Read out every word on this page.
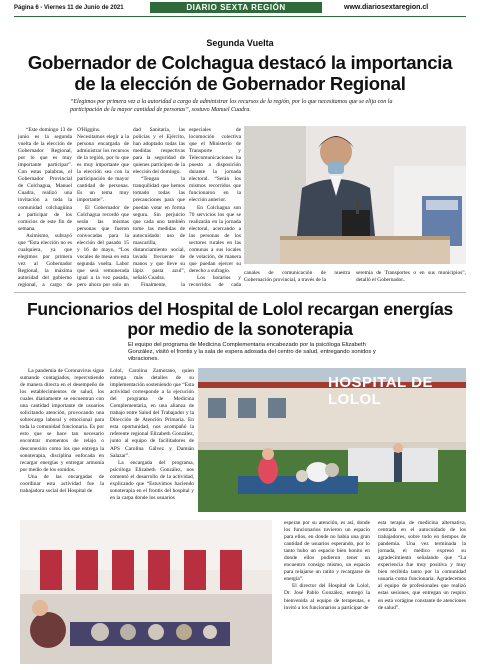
Página 6 - Viernes 11 de Junio de 2021	DIARIO SEXTA REGIÓN	www.diariosextaregion.cl
Segunda Vuelta
Gobernador de Colchagua destacó la importancia
de la elección de Gobernador Regional
“Elegimos por primera vez a la autoridad a cargo de administrar los recursos de la región, por lo que necesitamos que se elija con la participación de la mayor cantidad de personas”, sostuvo Manuel Cuadra.

“Este domingo 13 de junio es la segunda vuelta de la elección de Gobernador Regional, por lo que es muy importante participar”. Con estas palabras, el Gobernador Provincial de Colchagua, Manuel Cuadra, realizó una invitación a toda la comunidad colchagüina a participar de los comicios de este fin de semana.

Asimismo, subrayó que “Esta elección no es cualquiera, ya que elegimos por primera vez al Gobernador Regional, la máxima autoridad del gobierno regional, a cargo de

O'Higgins. Necesitamos elegir a la persona encargada de administrar los recursos de la región, por lo que es muy importante que la elección sea con la participación de mayor cantidad de personas. Es un tema muy importante”.

El Gobernador de Colchagua recordó que serán las mismas personas que fueron convocadas para la elección del pasado 15 y 16 de mayo, “Los vocales de mesa en esta segunda vuelta. Labor que será remunerada igual a la vez pasada, pero ahora por solo un

dad Sanitaria, las policías y el Ejército, han adoptado todas las medidas respectivas para la seguridad de quienes participen de la elección del domingo.

“Tengan la tranquilidad que hemos tomado todas las precauciones para que puedan votar en forma segura. Sin perjuicio que cada uno también tome las medidas de autocuidado: uso de mascarilla, distanciamiento social, lavado frecuente de manos y que lleve su lápiz pasta azul”, señaló Cuadra.

Finalmente, la

especiales de locomoción colectiva que el Ministerio de Transporte y Telecomunicaciones ha puesto a disposición durante la jornada electoral. “Serán los mismos recorridos que funcionaron en la elección anterior.

En Colchagua son 70 servicios los que se realizarán en la jornada electoral, acercando a las personas de los sectores rurales en las comunas a sus locales de votación, de manera que puedan ejercer su derecho a sufragio.

Los horarios y recorridos de cada

canales de comunicación de nuestra Gobernación provincial, a través de la

seremía de Transportes o en sus municipios”, detalló el Gobernador..

Funcionarios del Hospital de Lolol recargan energías
por medio de la sonoterapia
El equipo del programa de Medicina Complementaria encabezado por la psicóloga Elizabeth González, visitó el frontis y la sala de espera adosada del centro de salud, entregando sonidos y vibraciones.

La pandemia de Coronavirus sigue sumando contagiados, repercutiendo de manera directa en el desempeño de los establecimientos de salud, los cuales diariamente se encuentran con una cantidad importante de usuarios solicitando atención, provocando una sobrecarga laboral y emocional para toda la comunidad funcionaria. Es por esto que se hace tan necesario encontrar momentos de relajo o desconexión como los que entrega la sonoterapia, disciplina enfocada en recargar energías y entregar armonía por medio de los sonidos.

Una de las encargadas de coordinar esta actividad fue la trabajadora social del Hospital de

Lolol, Carolina Zamorano, quien entrega más detalles de su implementación sosteniendo que “Esta actividad corresponde a la ejecución del programa de Medicina Complementaria, en una alianza de trabajo entre Salud del Trabajador y la Dirección de Atención Primaria. En esta oportunidad, nos acompañó la referente regional Elizabeth González, junto al equipo de facilitadores de APS Carolina Gálvez y Damián Salazar”.

La encargada del programa, psicóloga Elizabeth González, nos comentó el desarrollo de la actividad, explicando que “Estuvimos haciendo sonoterapia en el frontis del hospital y en la carpa donde los usuarios

HOSPITAL DE LOLOL

esperan por su atención, es así, donde los funcionarios tuvieron un espacio para ellos, en donde no había una gran cantidad de usuarios esperando, por lo tanto hubo un espacio bien bonito en donde ellos pudieron tener un encuentro consigo mismo, un espacio para relajarse un ratito y recargarse de energía”.

El director del Hospital de Lolol, Dr. José Pablo González, entregó la bienvenida al equipo de terapeutas, e invitó a los funcionarios a participar de

esta terapia de medicina alternativa, centrada en el autocuidado de los trabajadores, sobre todo en tiempos de pandemia. Una vez terminada la jornada, el médico expresó su agradecimiento señalando que “La experiencia fue muy positiva y muy bien recibida tanto por la comunidad usuaria como funcionaria. Agradecemos al equipo de profesionales que realizó estas sesiones, que entregan un respiro en esta vorágine constante de atenciones de salud”.
